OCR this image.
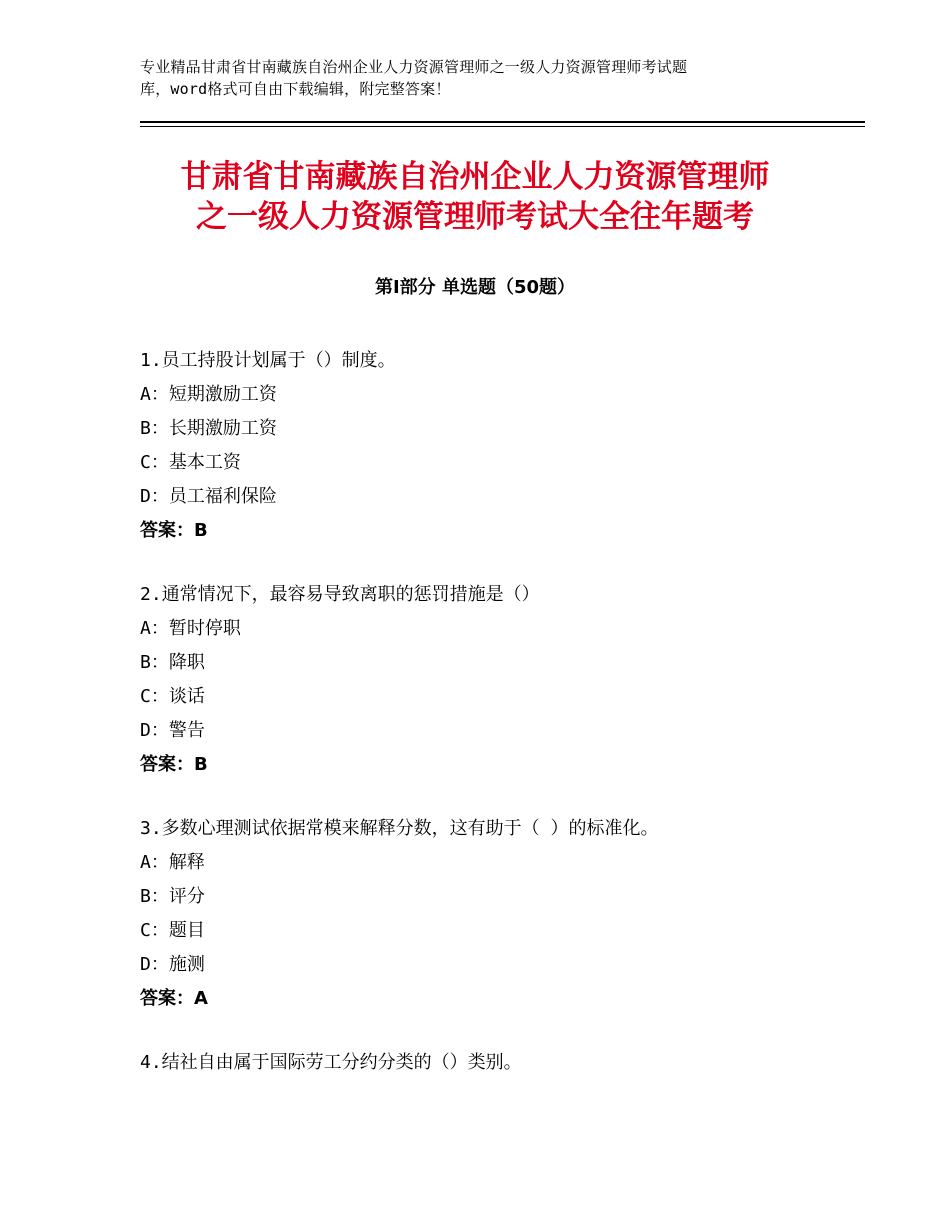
专业精品甘肃省甘南藏族自治州企业人力资源管理师之一级人力资源管理师考试题
库，word格式可自由下载编辑，附完整答案！
甘肃省甘南藏族自治州企业人力资源管理师
之一级人力资源管理师考试大全往年题考
第Ⅰ部分 单选题（50题）
1.员工持股计划属于（）制度。
A：短期激励工资
B：长期激励工资
C：基本工资
D：员工福利保险
答案：B
2.通常情况下，最容易导致离职的惩罚措施是（）
A：暂时停职
B：降职
C：谈话
D：警告
答案：B
3.多数心理测试依据常模来解释分数，这有助于（ ）的标准化。
A：解释
B：评分
C：题目
D：施测
答案：A
4.结社自由属于国际劳工分约分类的（）类别。
